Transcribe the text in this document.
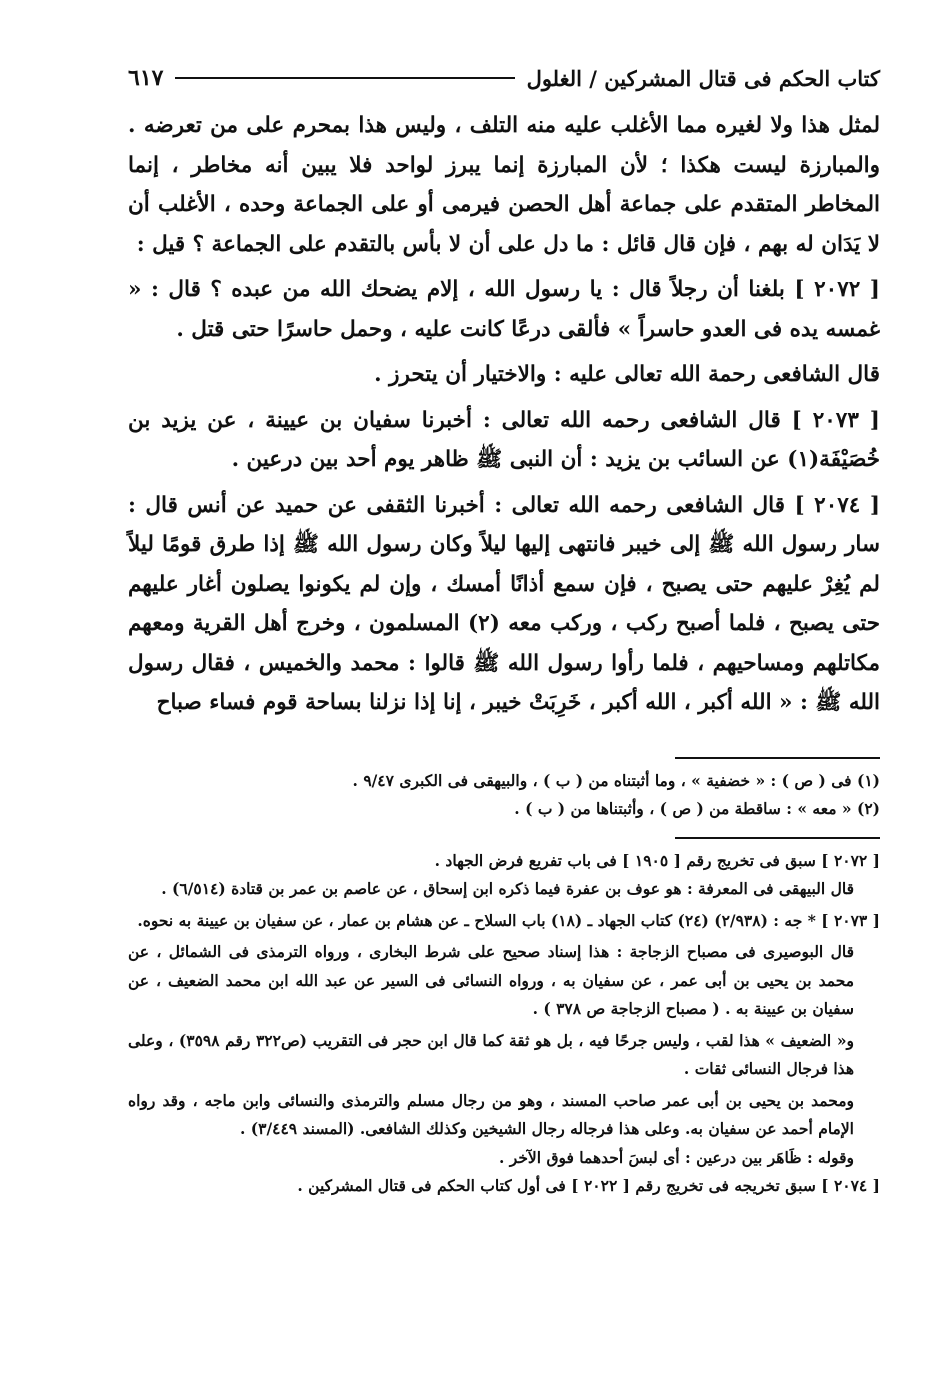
كتاب الحكم فى قتال المشركين / الغلول
٦١٧

لمثل هذا ولا لغيره مما الأغلب عليه منه التلف ، وليس هذا بمحرم على من تعرضه . والمبارزة ليست هكذا ؛ لأن المبارزة إنما يبرز لواحد فلا يبين أنه مخاطر ، إنما المخاطر المتقدم على جماعة أهل الحصن فيرمى أو على الجماعة وحده ، الأغلب أن لا يَدَان له بهم ، فإن قال قائل : ما دل على أن لا بأس بالتقدم على الجماعة ؟ قيل :

[ ٢٠٧٢ ] بلغنا أن رجلاً قال : يا رسول الله ، إلام يضحك الله من عبده ؟ قال : « غمسه يده فى العدو حاسراً » فألقى درعًا كانت عليه ، وحمل حاسرًا حتى قتل .

قال الشافعى رحمة الله تعالى عليه : والاختيار أن يتحرز .

[ ٢٠٧٣ ] قال الشافعى رحمه الله تعالى : أخبرنا سفيان بن عيينة ، عن يزيد بن خُصَيْفَة(١) عن السائب بن يزيد : أن النبى ﷺ ظاهر يوم أحد بين درعين .

[ ٢٠٧٤ ] قال الشافعى رحمه الله تعالى : أخبرنا الثقفى عن حميد عن أنس قال : سار رسول الله ﷺ إلى خيبر فانتهى إليها ليلاً وكان رسول الله ﷺ إذا طرق قومًا ليلاً لم يُغِرْ عليهم حتى يصبح ، فإن سمع أذانًا أمسك ، وإن لم يكونوا يصلون أغار عليهم حتى يصبح ، فلما أصبح ركب ، وركب معه (٢) المسلمون ، وخرج أهل القرية ومعهم مكاتلهم ومساحيهم ، فلما رأوا رسول الله ﷺ قالوا : محمد والخميس ، فقال رسول الله ﷺ : « الله أكبر ، الله أكبر ، خَرِبَتْ خيبر ، إنا إذا نزلنا بساحة قوم فساء صباح

(١) فى ( ص ) : « خضفية » ، وما أثبتناه من ( ب ) ، والبيهقى فى الكبرى ٩/٤٧ .

(٢) « معه » : ساقطة من ( ص ) ، وأثبتناها من ( ب ) .

[ ٢٠٧٢ ] سبق فى تخريج رقم [ ١٩٠٥ ] فى باب تفريع فرض الجهاد .

قال البيهقى فى المعرفة : هو عوف بن عفرة فيما ذكره ابن إسحاق ، عن عاصم بن عمر بن قتادة (٦/٥١٤) .

[ ٢٠٧٣ ] * جه : (٢/٩٣٨) (٢٤) كتاب الجهاد ـ (١٨) باب السلاح ـ عن هشام بن عمار ، عن سفيان بن عيينة به نحوه.

قال البوصيرى فى مصباح الزجاجة : هذا إسناد صحيح على شرط البخارى ، ورواه الترمذى فى الشمائل ، عن محمد بن يحيى بن أبى عمر ، عن سفيان به ، ورواه النسائى فى السير عن عبد الله ابن محمد الضعيف ، عن سفيان بن عيينة به . ( مصباح الزجاجة ص ٣٧٨ ) .

و« الضعيف » هذا لقب ، وليس جرحًا فيه ، بل هو ثقة كما قال ابن حجر فى التقريب (ص٣٢٢ رقم ٣٥٩٨) ، وعلى هذا فرجال النسائى ثقات .

ومحمد بن يحيى بن أبى عمر صاحب المسند ، وهو من رجال مسلم والترمذى والنسائى وابن ماجه ، وقد رواه الإمام أحمد عن سفيان به. وعلى هذا فرجاله رجال الشيخين وكذلك الشافعى. (المسند ٣/٤٤٩) .

وقوله : ظَاهَر بين درعين : أى لبسَ أحدهما فوق الآخر .

[ ٢٠٧٤ ] سبق تخريجه فى تخريج رقم [ ٢٠٢٢ ] فى أول كتاب الحكم فى قتال المشركين .
